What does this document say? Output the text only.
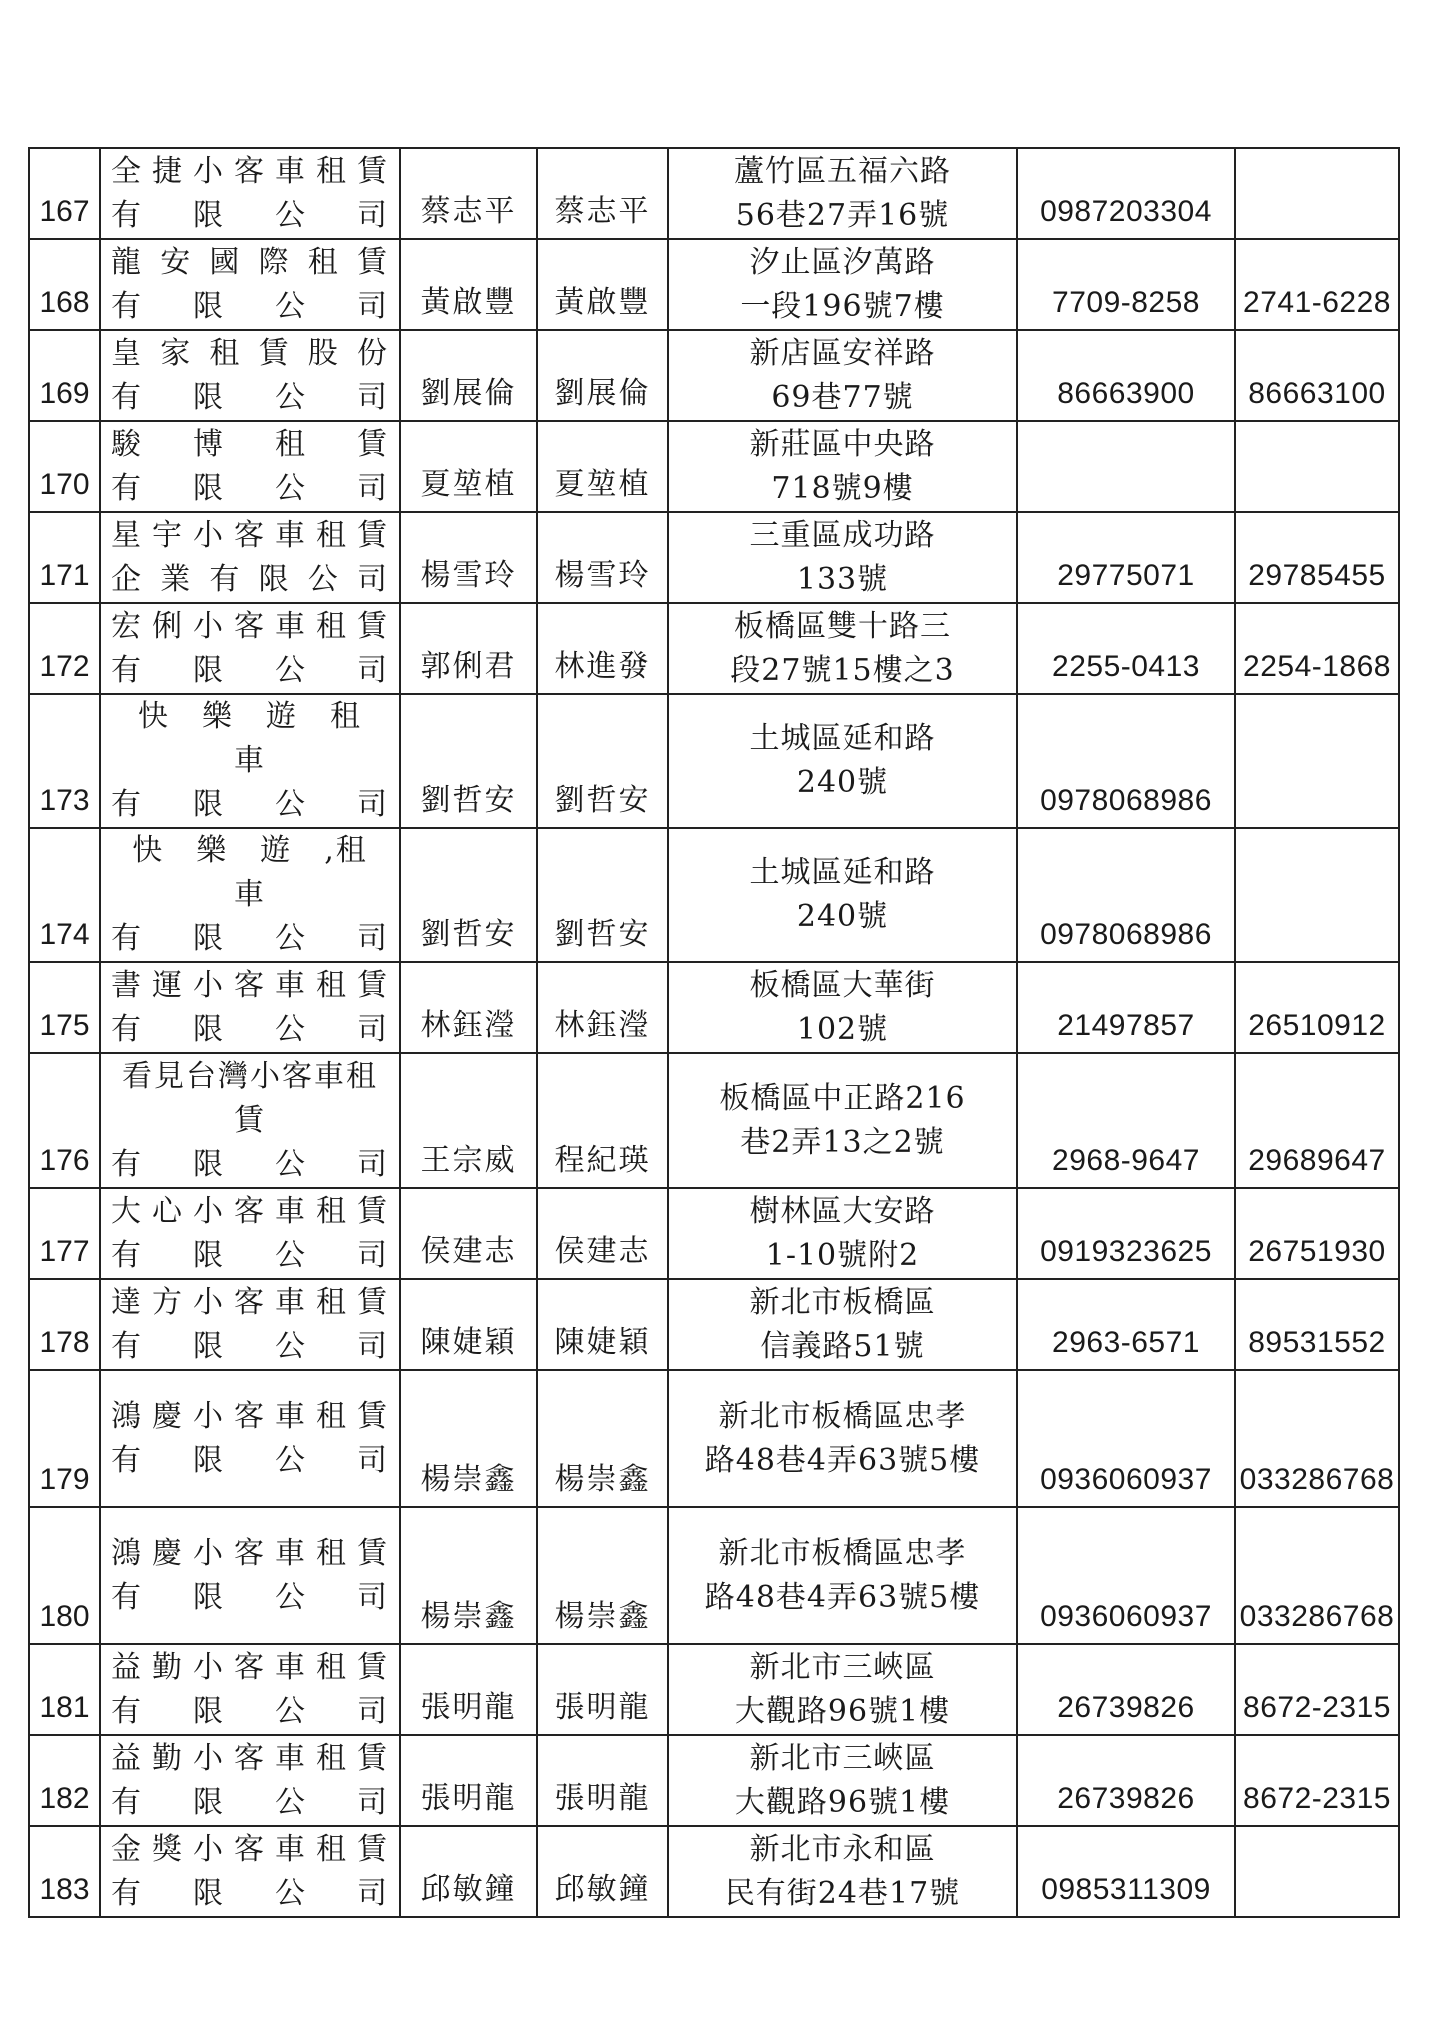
167	全捷小客車租賃
有　限　公　司	蔡志平	蔡志平	蘆竹區五福六路
56巷27弄16號	0987203304	
168	龍安國際租賃
有　限　公　司	黃啟豐	黃啟豐	汐止區汐萬路
一段196號7樓	7709-8258	2741-6228
169	皇家租賃股份
有　限　公　司	劉展倫	劉展倫	新店區安祥路
69巷77號	86663900	86663100
170	駿　博　租　賃
有　限　公　司	夏堃植	夏堃植	新莊區中央路
718號9樓		

171	星宇小客車租賃
企業有限公司	楊雪玲	楊雪玲	三重區成功路
133號	29775071	29785455
172	宏俐小客車租賃
有　限　公　司	郭俐君	林進發	板橋區雙十路三
段27號15樓之3	2255-0413	2254-1868
173	快　樂　遊　租　車
有　限　公　司	劉哲安	劉哲安	土城區延和路
240號	0978068986	
174	快　樂　遊　,租　車
有　限　公　司	劉哲安	劉哲安	土城區延和路
240號	0978068986	
175	書運小客車租賃
有　限　公　司	林鈺瀅	林鈺瀅	板橋區大華街
102號	21497857	26510912
176	看見台灣小客車租賃
有　限　公　司	王宗威	程紀瑛	板橋區中正路216
巷2弄13之2號	2968-9647	29689647
177	大心小客車租賃
有　限　公　司	侯建志	侯建志	樹林區大安路
1-10號附2	0919323625	26751930
178	達方小客車租賃
有　限　公　司	陳婕穎	陳婕穎	新北市板橋區
信義路51號	2963-6571	89531552
179	鴻慶小客車租賃
有　限　公　司	楊崇鑫	楊崇鑫	新北市板橋區忠孝
路48巷4弄63號5樓	0936060937	033286768
180	鴻慶小客車租賃
有　限　公　司	楊崇鑫	楊崇鑫	新北市板橋區忠孝
路48巷4弄63號5樓	0936060937	033286768
181	益勤小客車租賃
有　限　公　司	張明龍	張明龍	新北市三峽區
大觀路96號1樓	26739826	8672-2315
182	益勤小客車租賃
有　限　公　司	張明龍	張明龍	新北市三峽區
大觀路96號1樓	26739826	8672-2315
183	金獎小客車租賃
有　限　公　司	邱敏鐘	邱敏鐘	新北市永和區
民有街24巷17號	0985311309	
